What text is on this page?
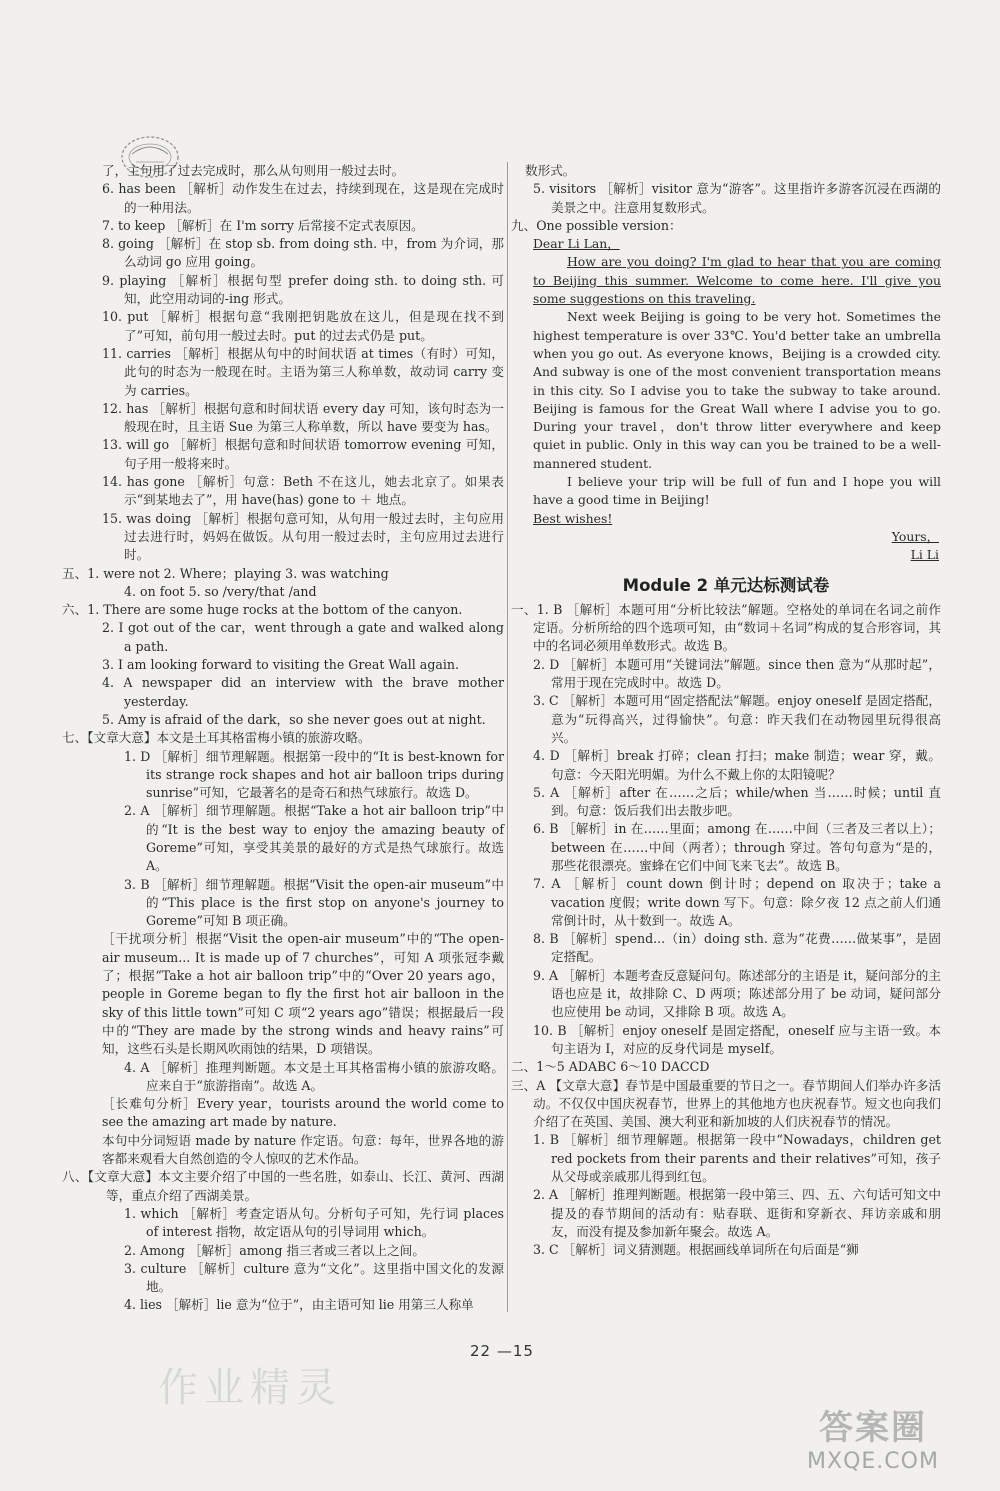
了，主句用了过去完成时，那么从句则用一般过去时。

6. has been ［解析］动作发生在过去，持续到现在，这是现在完成时的一种用法。

7. to keep ［解析］在 I'm sorry 后常接不定式表原因。

8. going ［解析］在 stop sb. from doing sth. 中，from 为介词，那么动词 go 应用 going。

9. playing ［解析］根据句型 prefer doing sth. to doing sth. 可知，此空用动词的-ing 形式。

10. put ［解析］根据句意“我刚把钥匙放在这儿，但是现在找不到了”可知，前句用一般过去时。put 的过去式仍是 put。

11. carries ［解析］根据从句中的时间状语 at times（有时）可知，此句的时态为一般现在时。主语为第三人称单数，故动词 carry 变为 carries。

12. has ［解析］根据句意和时间状语 every day 可知，该句时态为一般现在时，且主语 Sue 为第三人称单数，所以 have 要变为 has。

13. will go ［解析］根据句意和时间状语 tomorrow evening 可知，句子用一般将来时。

14. has gone ［解析］句意：Beth 不在这儿，她去北京了。如果表示“到某地去了”，用 have(has) gone to ＋ 地点。

15. was doing ［解析］根据句意可知，从句用一般过去时，主句应用过去进行时，妈妈在做饭。从句用一般过去时，主句应用过去进行时。

五、1. were not 2. Where；playing 3. was watching

4. on foot 5. so /very/that /and

六、1. There are some huge rocks at the bottom of the canyon.

2. I got out of the car，went through a gate and walked along a path.

3. I am looking forward to visiting the Great Wall again.

4. A newspaper did an interview with the brave mother yesterday.

5. Amy is afraid of the dark，so she never goes out at night.

七、【文章大意】本文是土耳其格雷梅小镇的旅游攻略。

1. D ［解析］细节理解题。根据第一段中的“It is best-known for its strange rock shapes and hot air balloon trips during sunrise”可知，它最著名的是奇石和热气球旅行。故选 D。

2. A ［解析］细节理解题。根据“Take a hot air balloon trip”中的“It is the best way to enjoy the amazing beauty of Goreme”可知，享受其美景的最好的方式是热气球旅行。故选 A。

3. B ［解析］细节理解题。根据“Visit the open-air museum”中的“This place is the first stop on anyone's journey to Goreme”可知 B 项正确。

［干扰项分析］根据“Visit the open-air museum”中的“The open-air museum... It is made up of 7 churches”，可知 A 项张冠李戴了；根据“Take a hot air balloon trip”中的“Over 20 years ago，people in Goreme began to fly the first hot air balloon in the sky of this little town”可知 C 项“2 years ago”错误；根据最后一段中的“They are made by the strong winds and heavy rains”可知，这些石头是长期风吹雨蚀的结果，D 项错误。

4. A ［解析］推理判断题。本文是土耳其格雷梅小镇的旅游攻略。应来自于“旅游指南”。故选 A。

［长难句分析］Every year，tourists around the world come to see the amazing art made by nature.

本句中分词短语 made by nature 作定语。句意：每年，世界各地的游客都来观看大自然创造的令人惊叹的艺术作品。

八、【文章大意】本文主要介绍了中国的一些名胜，如泰山、长江、黄河、西湖等，重点介绍了西湖美景。

1. which ［解析］考查定语从句。分析句子可知，先行词 places of interest 指物，故定语从句的引导词用 which。

2. Among ［解析］among 指三者或三者以上之间。

3. culture ［解析］culture 意为“文化”。这里指中国文化的发源地。

4. lies ［解析］lie 意为“位于”，由主语可知 lie 用第三人称单

数形式。

5. visitors ［解析］visitor 意为“游客”。这里指许多游客沉浸在西湖的美景之中。注意用复数形式。

九、One possible version：

Dear Li Lan，

How are you doing? I'm glad to hear that you are coming to Beijing this summer. Welcome to come here. I'll give you some suggestions on this traveling.

Next week Beijing is going to be very hot. Sometimes the highest temperature is over 33℃. You'd better take an umbrella when you go out. As everyone knows，Beijing is a crowded city. And subway is one of the most convenient transportation means in this city. So I advise you to take the subway to take around. Beijing is famous for the Great Wall where I advise you to go. During your travel，don't throw litter everywhere and keep quiet in public. Only in this way can you be trained to be a well-mannered student.

I believe your trip will be full of fun and I hope you will have a good time in Beijing!

Best wishes!

Yours，

Li Li

Module 2 单元达标测试卷

一、1. B ［解析］本题可用“分析比较法”解题。空格处的单词在名词之前作定语。分析所给的四个选项可知，由“数词＋名词”构成的复合形容词，其中的名词必须用单数形式。故选 B。

2. D ［解析］本题可用“关键词法”解题。since then 意为“从那时起”，常用于现在完成时中。故选 D。

3. C ［解析］本题可用“固定搭配法”解题。enjoy oneself 是固定搭配，意为“玩得高兴，过得愉快”。句意：昨天我们在动物园里玩得很高兴。

4. D ［解析］break 打碎；clean 打扫；make 制造；wear 穿，戴。句意：今天阳光明媚。为什么不戴上你的太阳镜呢？

5. A ［解析］after 在……之后；while/when 当……时候；until 直到。句意：饭后我们出去散步吧。

6. B ［解析］in 在……里面；among 在……中间（三者及三者以上）；between 在……中间（两者）；through 穿过。答句句意为“是的，那些花很漂亮。蜜蜂在它们中间飞来飞去”。故选 B。

7. A ［解析］count down 倒计时；depend on 取决于；take a vacation 度假；write down 写下。句意：除夕夜 12 点之前人们通常倒计时，从十数到一。故选 A。

8. B ［解析］spend...（in）doing sth. 意为“花费……做某事”，是固定搭配。

9. A ［解析］本题考查反意疑问句。陈述部分的主语是 it，疑问部分的主语也应是 it，故排除 C、D 两项；陈述部分用了 be 动词，疑问部分也应使用 be 动词，又排除 B 项。故选 A。

10. B ［解析］enjoy oneself 是固定搭配，oneself 应与主语一致。本句主语为 I，对应的反身代词是 myself。

二、1～5 ADABC 6～10 DACCD

三、A 【文章大意】春节是中国最重要的节日之一。春节期间人们举办许多活动。不仅仅中国庆祝春节，世界上的其他地方也庆祝春节。短文也向我们介绍了在英国、美国、澳大利亚和新加坡的人们庆祝春节的情况。

1. B ［解析］细节理解题。根据第一段中“Nowadays，children get red pockets from their parents and their relatives”可知，孩子从父母或亲戚那儿得到红包。

2. A ［解析］推理判断题。根据第一段中第三、四、五、六句话可知文中提及的春节期间的活动有：贴春联、逛街和穿新衣、拜访亲戚和朋友，而没有提及参加新年聚会。故选 A。

3. C ［解析］词义猜测题。根据画线单词所在句后面是“狮

22 —15
作业精灵
答案圈
MXQE.COM
